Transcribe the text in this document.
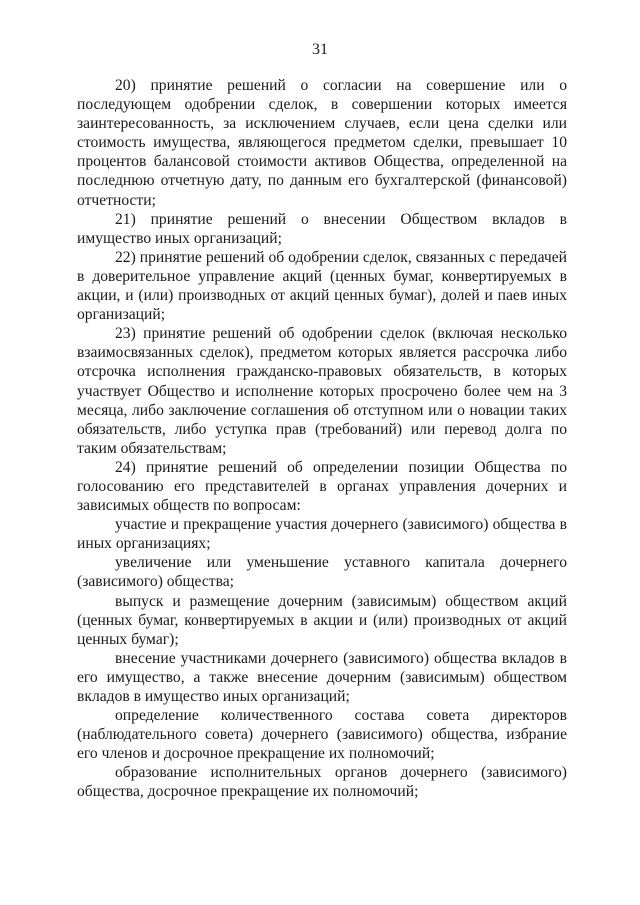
31

20) принятие решений о согласии на совершение или о последующем одобрении сделок, в совершении которых имеется заинтересованность, за исключением случаев, если цена сделки или стоимость имущества, являющегося предметом сделки, превышает 10 процентов балансовой стоимости активов Общества, определенной на последнюю отчетную дату, по данным его бухгалтерской (финансовой) отчетности;

21) принятие решений о внесении Обществом вкладов в имущество иных организаций;

22) принятие решений об одобрении сделок, связанных с передачей в доверительное управление акций (ценных бумаг, конвертируемых в акции, и (или) производных от акций ценных бумаг), долей и паев иных организаций;

23) принятие решений об одобрении сделок (включая несколько взаимосвязанных сделок), предметом которых является рассрочка либо отсрочка исполнения гражданско-правовых обязательств, в которых участвует Общество и исполнение которых просрочено более чем на 3 месяца, либо заключение соглашения об отступном или о новации таких обязательств, либо уступка прав (требований) или перевод долга по таким обязательствам;

24) принятие решений об определении позиции Общества по голосованию его представителей в органах управления дочерних и зависимых обществ по вопросам:

участие и прекращение участия дочернего (зависимого) общества в иных организациях;

увеличение или уменьшение уставного капитала дочернего (зависимого) общества;

выпуск и размещение дочерним (зависимым) обществом акций (ценных бумаг, конвертируемых в акции и (или) производных от акций ценных бумаг);

внесение участниками дочернего (зависимого) общества вкладов в его имущество, а также внесение дочерним (зависимым) обществом вкладов в имущество иных организаций;

определение количественного состава совета директоров (наблюдательного совета) дочернего (зависимого) общества, избрание его членов и досрочное прекращение их полномочий;

образование исполнительных органов дочернего (зависимого) общества, досрочное прекращение их полномочий;
